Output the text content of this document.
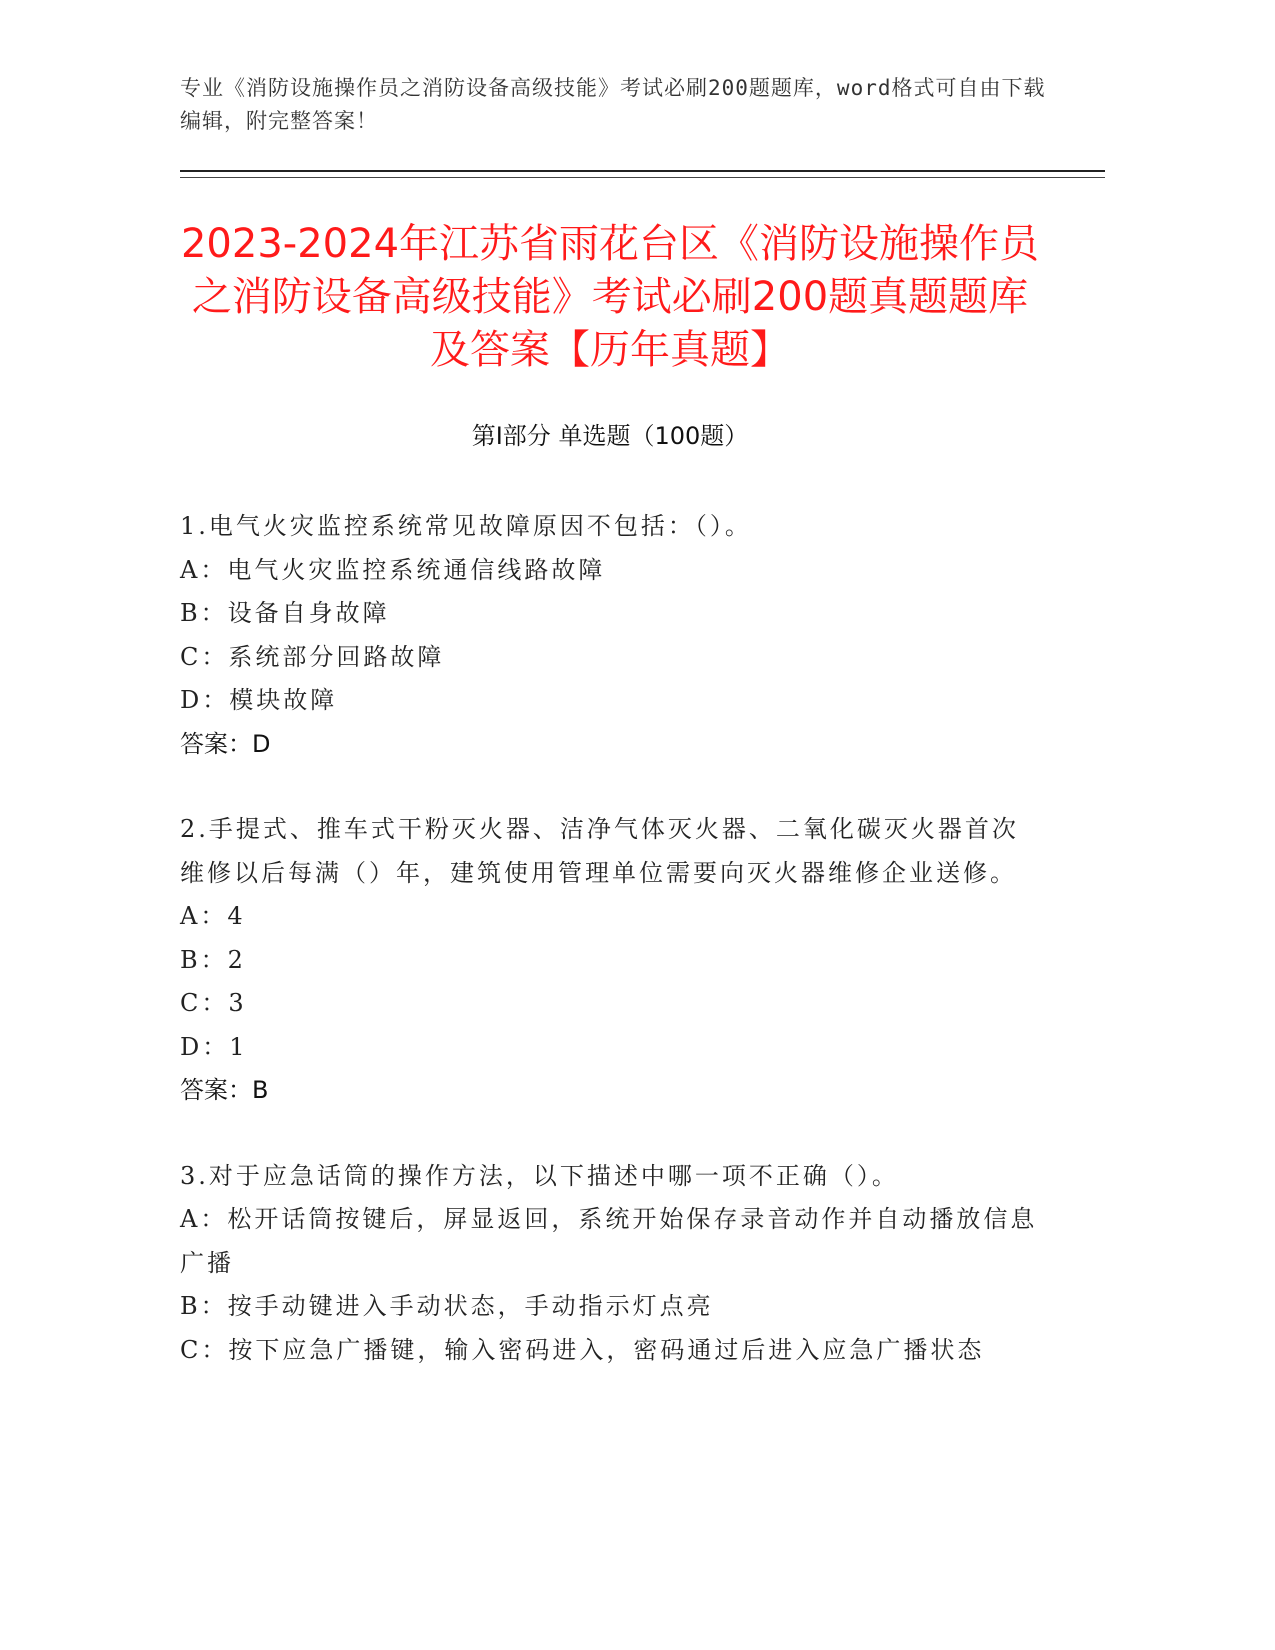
专业《消防设施操作员之消防设备高级技能》考试必刷200题题库，word格式可自由下载编辑，附完整答案！
2023-2024年江苏省雨花台区《消防设施操作员之消防设备高级技能》考试必刷200题真题题库及答案【历年真题】
第I部分 单选题（100题）

1.电气火灾监控系统常见故障原因不包括：（）。

A：电气火灾监控系统通信线路故障

B：设备自身故障

C：系统部分回路故障

D：模块故障

答案：D

2.手提式、推车式干粉灭火器、洁净气体灭火器、二氧化碳灭火器首次维修以后每满（）年，建筑使用管理单位需要向灭火器维修企业送修。

A：4

B：2

C：3

D：1

答案：B

3.对于应急话筒的操作方法，以下描述中哪一项不正确（）。

A：松开话筒按键后，屏显返回，系统开始保存录音动作并自动播放信息广播

B：按手动键进入手动状态，手动指示灯点亮

C：按下应急广播键，输入密码进入，密码通过后进入应急广播状态
